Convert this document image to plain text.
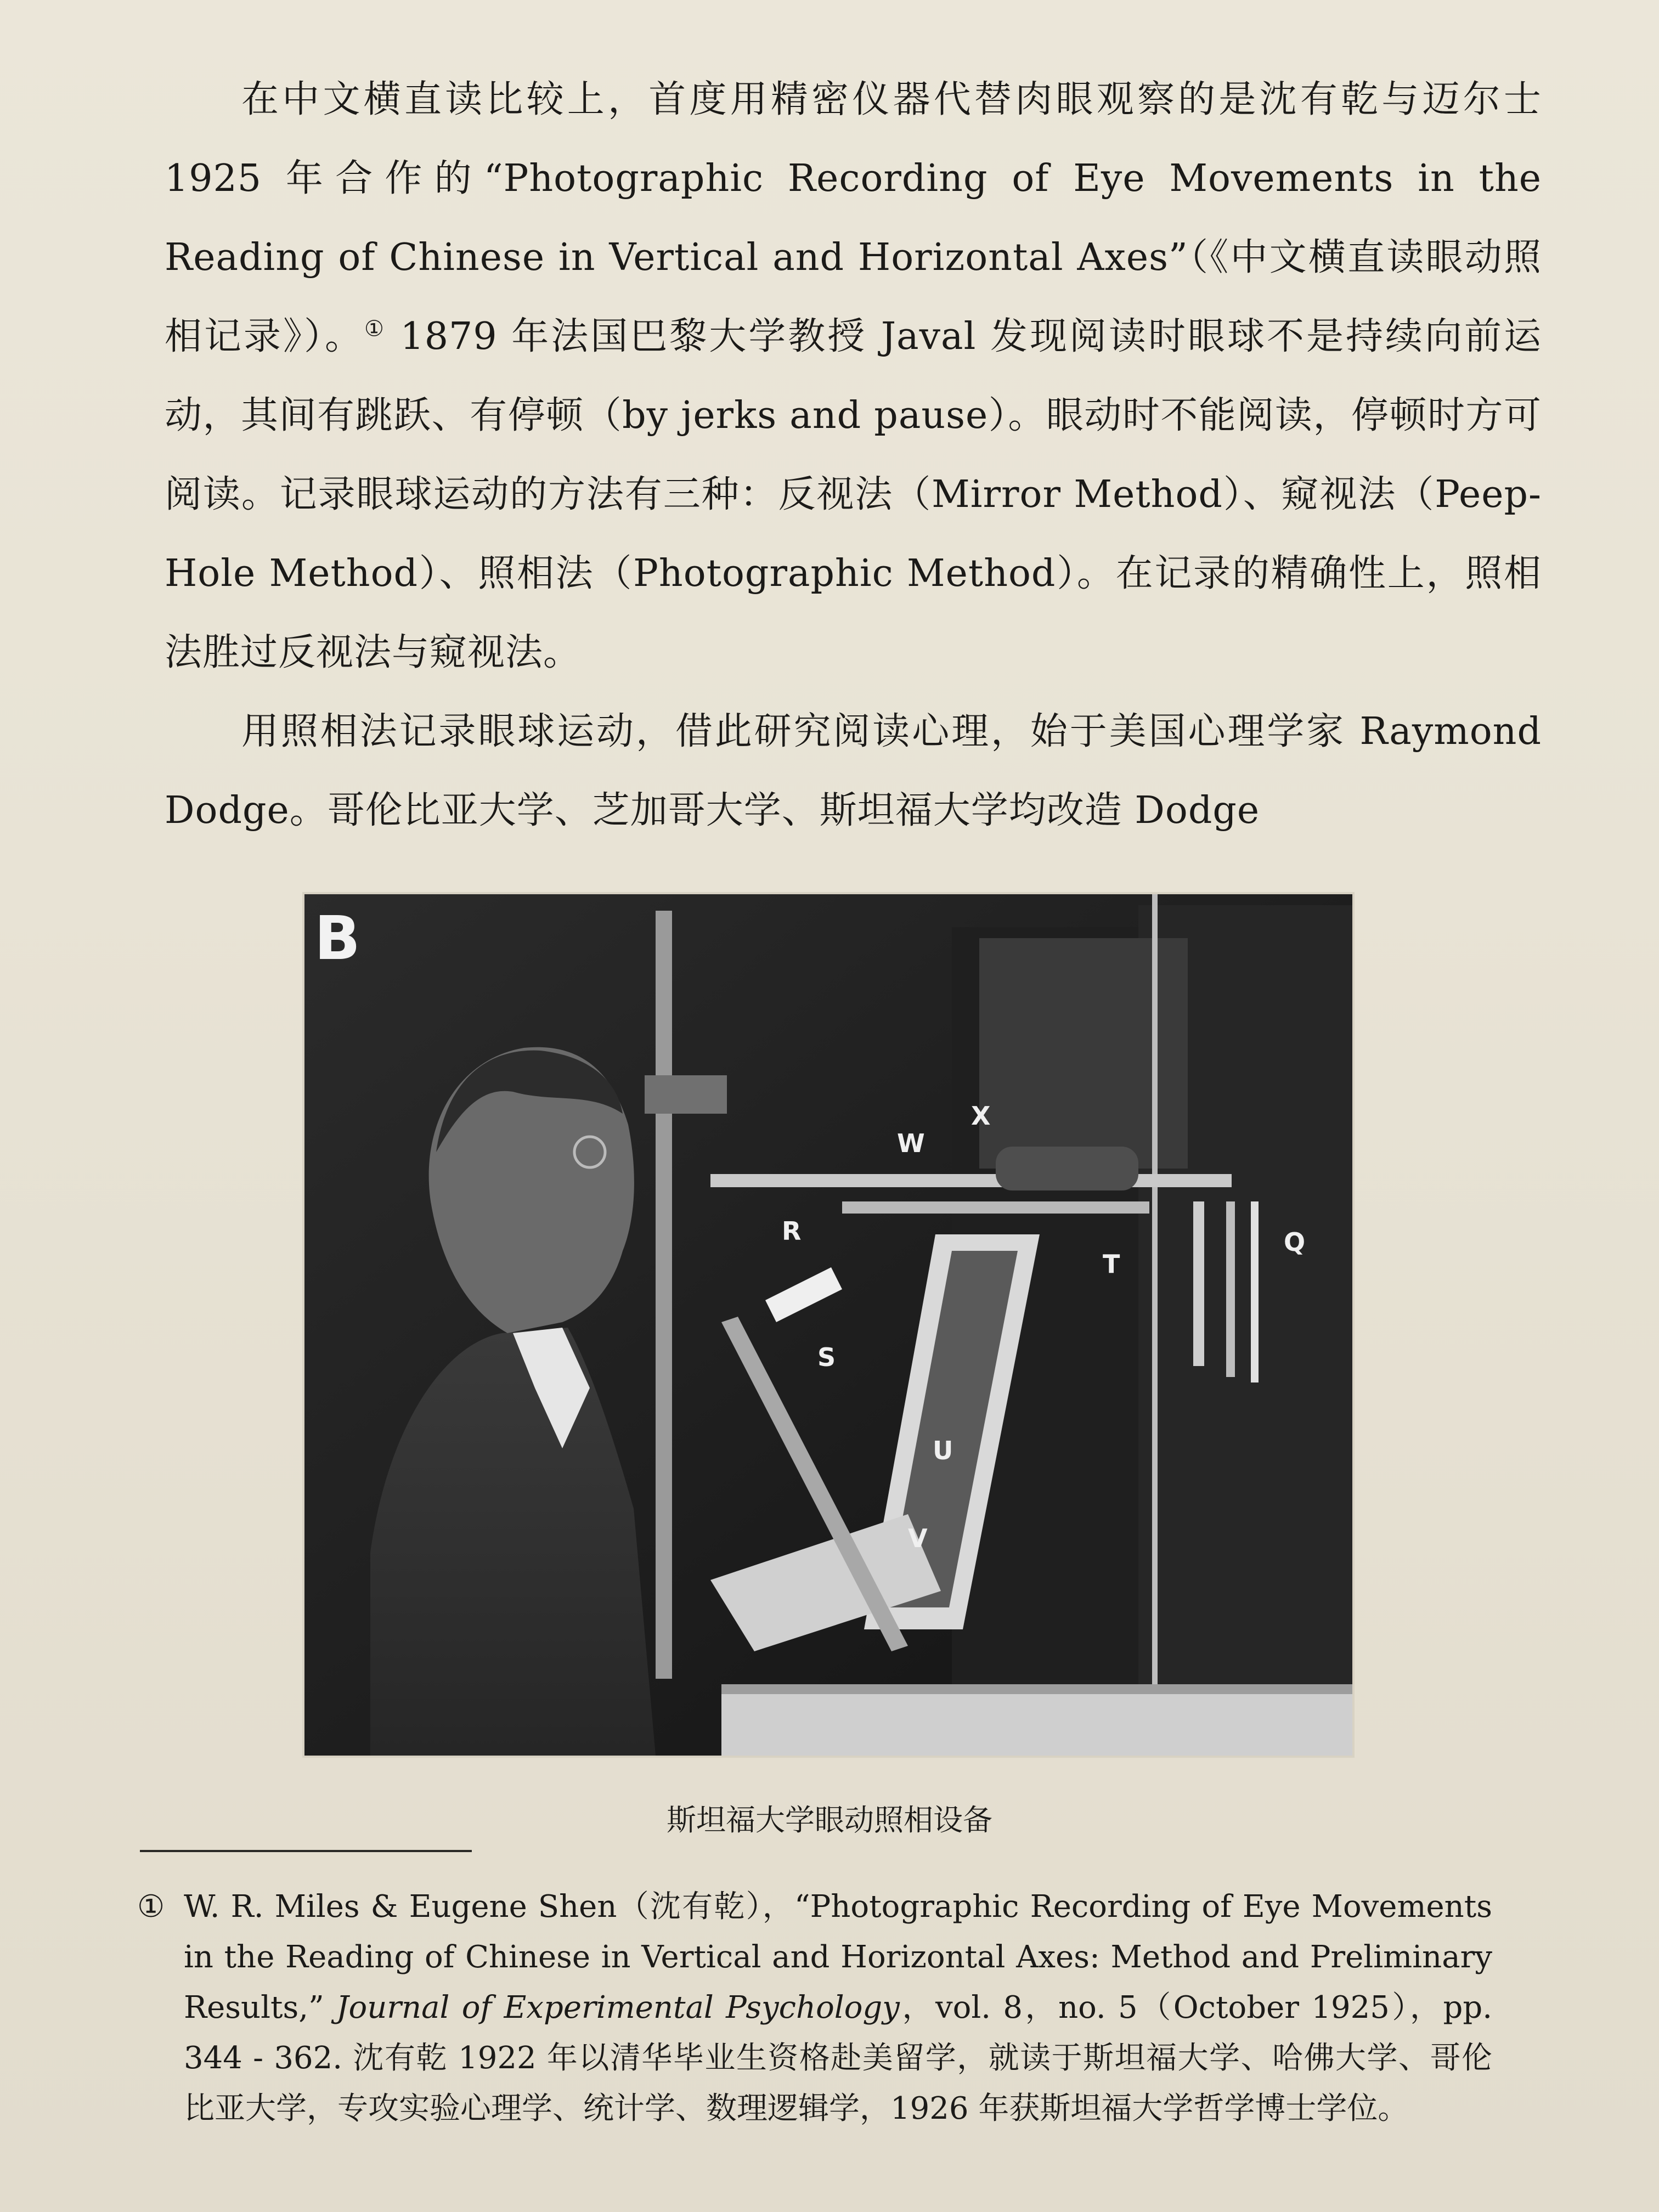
在中文横直读比较上，首度用精密仪器代替肉眼观察的是沈有乾与迈尔士 1925 年合作的“Photographic Recording of Eye Movements in the Reading of Chinese in Vertical and Horizontal Axes”（《中文横直读眼动照相记录》）。① 1879 年法国巴黎大学教授 Javal 发现阅读时眼球不是持续向前运动，其间有跳跃、有停顿（by jerks and pause）。眼动时不能阅读，停顿时方可阅读。记录眼球运动的方法有三种：反视法（Mirror Method）、窥视法（Peep-Hole Method）、照相法（Photographic Method）。在记录的精确性上，照相法胜过反视法与窥视法。

用照相法记录眼球运动，借此研究阅读心理，始于美国心理学家 Raymond Dodge。哥伦比亚大学、芝加哥大学、斯坦福大学均改造 Dodge

B
W
X
R
T
Q
S
U
V
斯坦福大学眼动照相设备
① W. R. Miles & Eugene Shen（沈有乾），“Photographic Recording of Eye Movements in the Reading of Chinese in Vertical and Horizontal Axes: Method and Preliminary Results,” Journal of Experimental Psychology，vol. 8，no. 5（October 1925），pp. 344 - 362. 沈有乾 1922 年以清华毕业生资格赴美留学，就读于斯坦福大学、哈佛大学、哥伦比亚大学，专攻实验心理学、统计学、数理逻辑学，1926 年获斯坦福大学哲学博士学位。
